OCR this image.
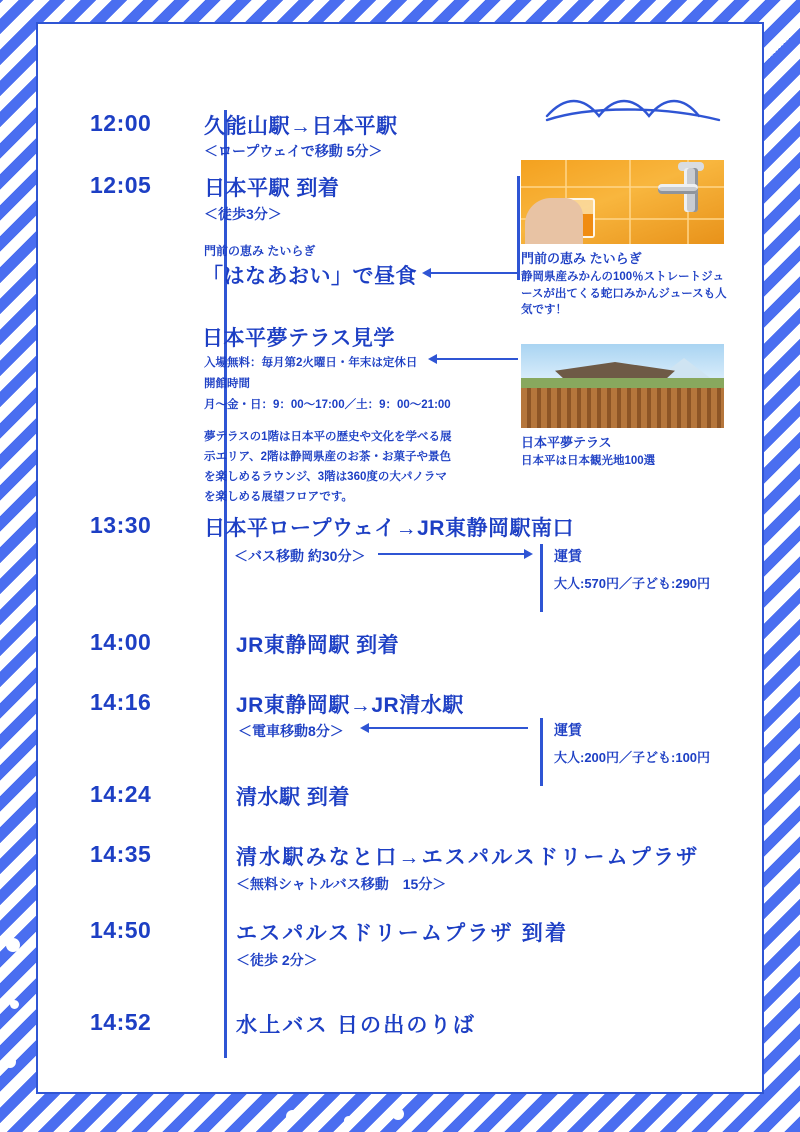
12:00	久能山駅→日本平駅
＜ロープウェイで移動 5分＞
12:05	日本平駅 到着
＜徒歩3分＞
門前の恵み たいらぎ
「はなあおい」で昼食
日本平夢テラス見学
入場無料：毎月第2火曜日・年末は定休日
開館時間
月〜金・日：9：00〜17:00／土：9：00〜21:00
夢テラスの1階は日本平の歴史や文化を学べる展示エリア、2階は静岡県産のお茶・お菓子や景色を楽しめるラウンジ、3階は360度の大パノラマを楽しめる展望フロアです。
門前の恵み たいらぎ
静岡県産みかんの100％ストレートジュースが出てくる蛇口みかんジュースも人気です！
日本平夢テラス
日本平は日本観光地100選
13:30	日本平ロープウェイ→JR東静岡駅南口
＜バス移動 約30分＞	運賃
大人:570円／子ども:290円
14:00	JR東静岡駅 到着
14:16	JR東静岡駅→JR清水駅
＜電車移動8分＞	運賃
大人:200円／子ども:100円
14:24	清水駅 到着
14:35	清水駅みなと口→エスパルスドリームプラザ
＜無料シャトルバス移動　15分＞
14:50	エスパルスドリームプラザ 到着
＜徒歩 2分＞
14:52	水上バス 日の出のりば
